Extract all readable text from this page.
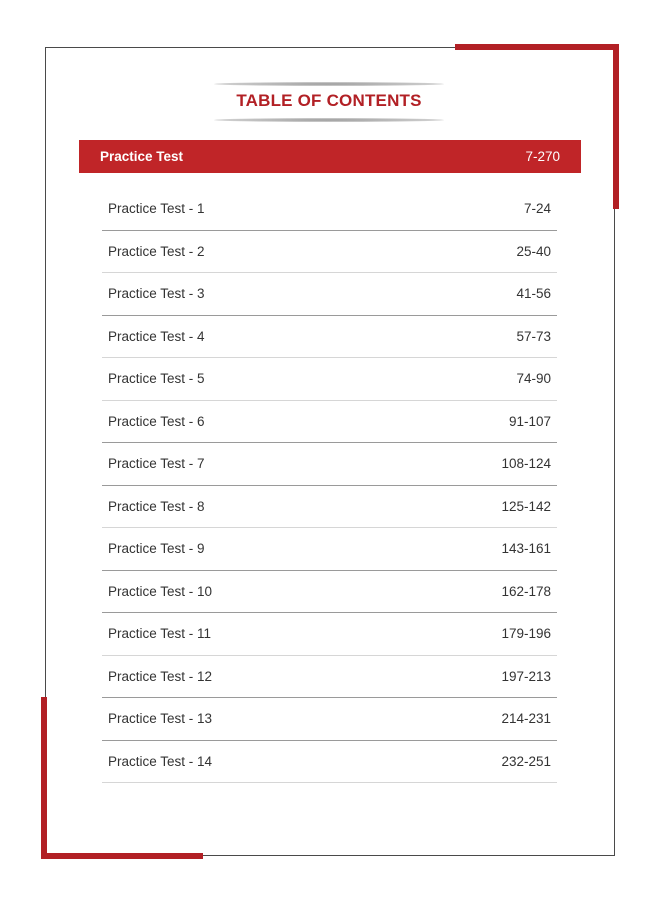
TABLE OF CONTENTS
Practice Test	7-270
Practice Test - 1	7-24
Practice Test - 2	25-40
Practice Test - 3	41-56
Practice Test - 4	57-73
Practice Test - 5	74-90
Practice Test - 6	91-107
Practice Test - 7	108-124
Practice Test - 8	125-142
Practice Test - 9	143-161
Practice Test - 10	162-178
Practice Test - 11	179-196
Practice Test - 12	197-213
Practice Test - 13	214-231
Practice Test - 14	232-251
